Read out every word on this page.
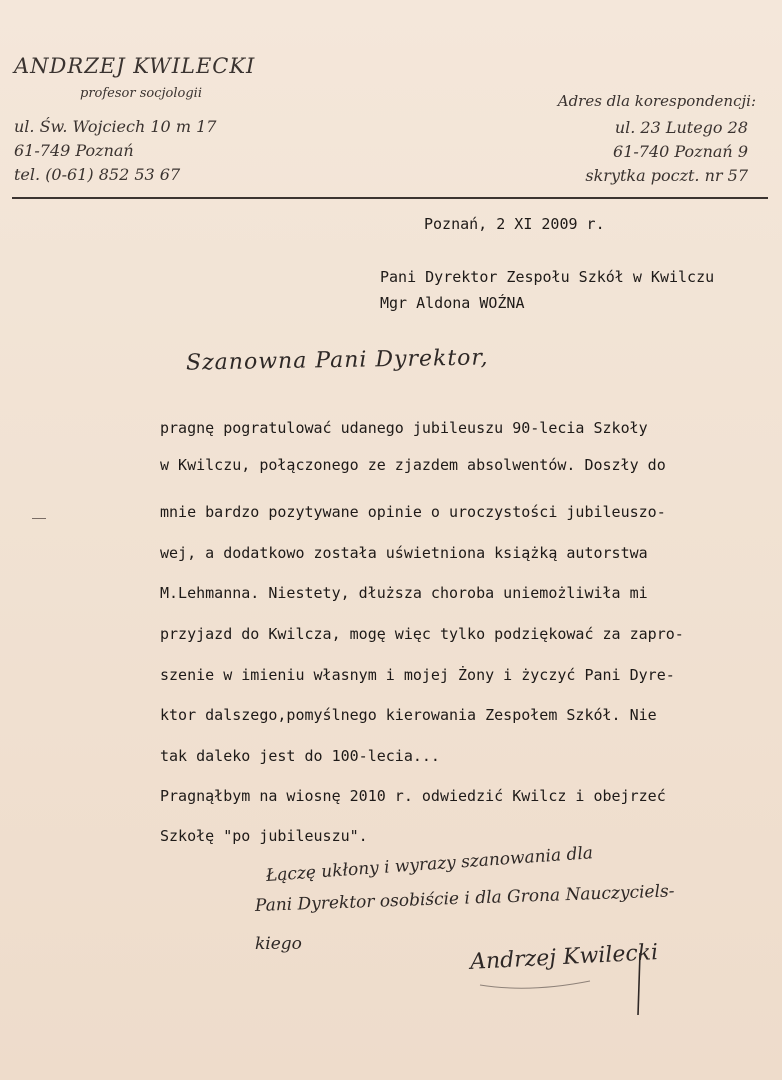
ANDRZEJ KWILECKI
profesor socjologii
ul. Św. Wojciech 10 m 17
61-749 Poznań
tel. (0-61) 852 53 67
Adres dla korespondencji:
ul. 23 Lutego 28
61-740 Poznań 9
skrytka poczt. nr 57
Poznań, 2 XI 2009 r.
Pani Dyrektor Zespołu Szkół w Kwilczu
Mgr Aldona WOŹNA
Szanowna Pani Dyrektor,
pragnę pogratulować udanego jubileuszu 90-lecia Szkoły
w Kwilczu, połączonego ze zjazdem absolwentów. Doszły do
mnie bardzo pozytywane opinie o uroczystości jubileuszo-
wej, a dodatkowo została uświetniona książką autorstwa
M.Lehmanna. Niestety, dłuższa choroba uniemożliwiła mi
przyjazd do Kwilcza, mogę więc tylko podziękować za zapro-
szenie w imieniu własnym i mojej Żony i życzyć Pani Dyre-
ktor dalszego,pomyślnego kierowania Zespołem Szkół. Nie
tak daleko jest do 100-lecia...
Pragnąłbym na wiosnę 2010 r. odwiedzić Kwilcz i obejrzeć
Szkołę "po jubileuszu".
Łączę ukłony i wyrazy szanowania dla
Pani Dyrektor osobiście i dla Grona Nauczyciels-
kiego	Andrzej Kwilecki
